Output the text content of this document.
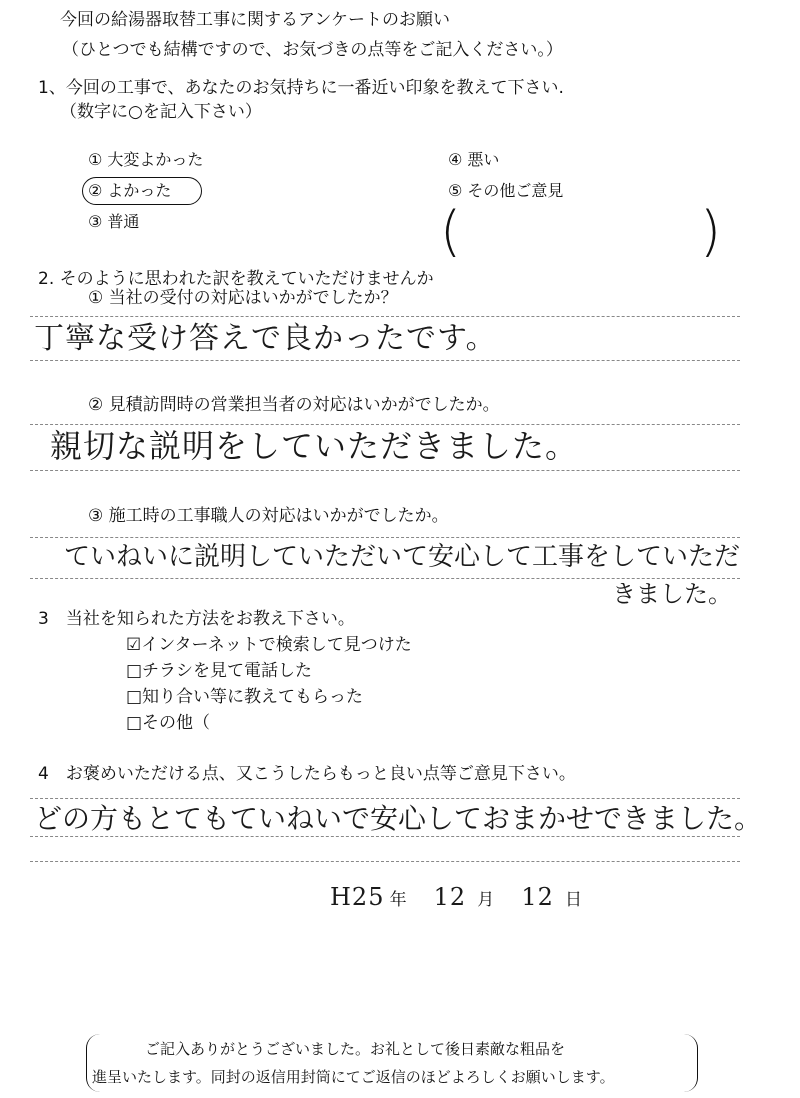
今回の給湯器取替工事に関するアンケートのお願い
（ひとつでも結構ですので、お気づきの点等をご記入ください。）
1、今回の工事で、あなたのお気持ちに一番近い印象を教えて下さい.
（数字に○を記入下さい）
① 大変よかった
② よかった
③ 普通
④ 悪い
⑤ その他ご意見
(	)
2. そのように思われた訳を教えていただけませんか
① 当社の受付の対応はいかがでしたか？
丁寧な受け答えで良かったです。
② 見積訪問時の営業担当者の対応はいかがでしたか。
親切な説明をしていただきました。
③ 施工時の工事職人の対応はいかがでしたか。
ていねいに説明していただいて安心して工事をしていただ
きました。
3　当社を知られた方法をお教え下さい。
☑インターネットで検索して見つけた
□チラシを見て電話した
□知り合い等に教えてもらった
□その他（
4　お褒めいただける点、又こうしたらもっと良い点等ご意見下さい。
どの方もとてもていねいで安心しておまかせできました。
H25 年 12 月 12 日
ご記入ありがとうございました。お礼として後日素敵な粗品を
進呈いたします。同封の返信用封筒にてご返信のほどよろしくお願いします。
